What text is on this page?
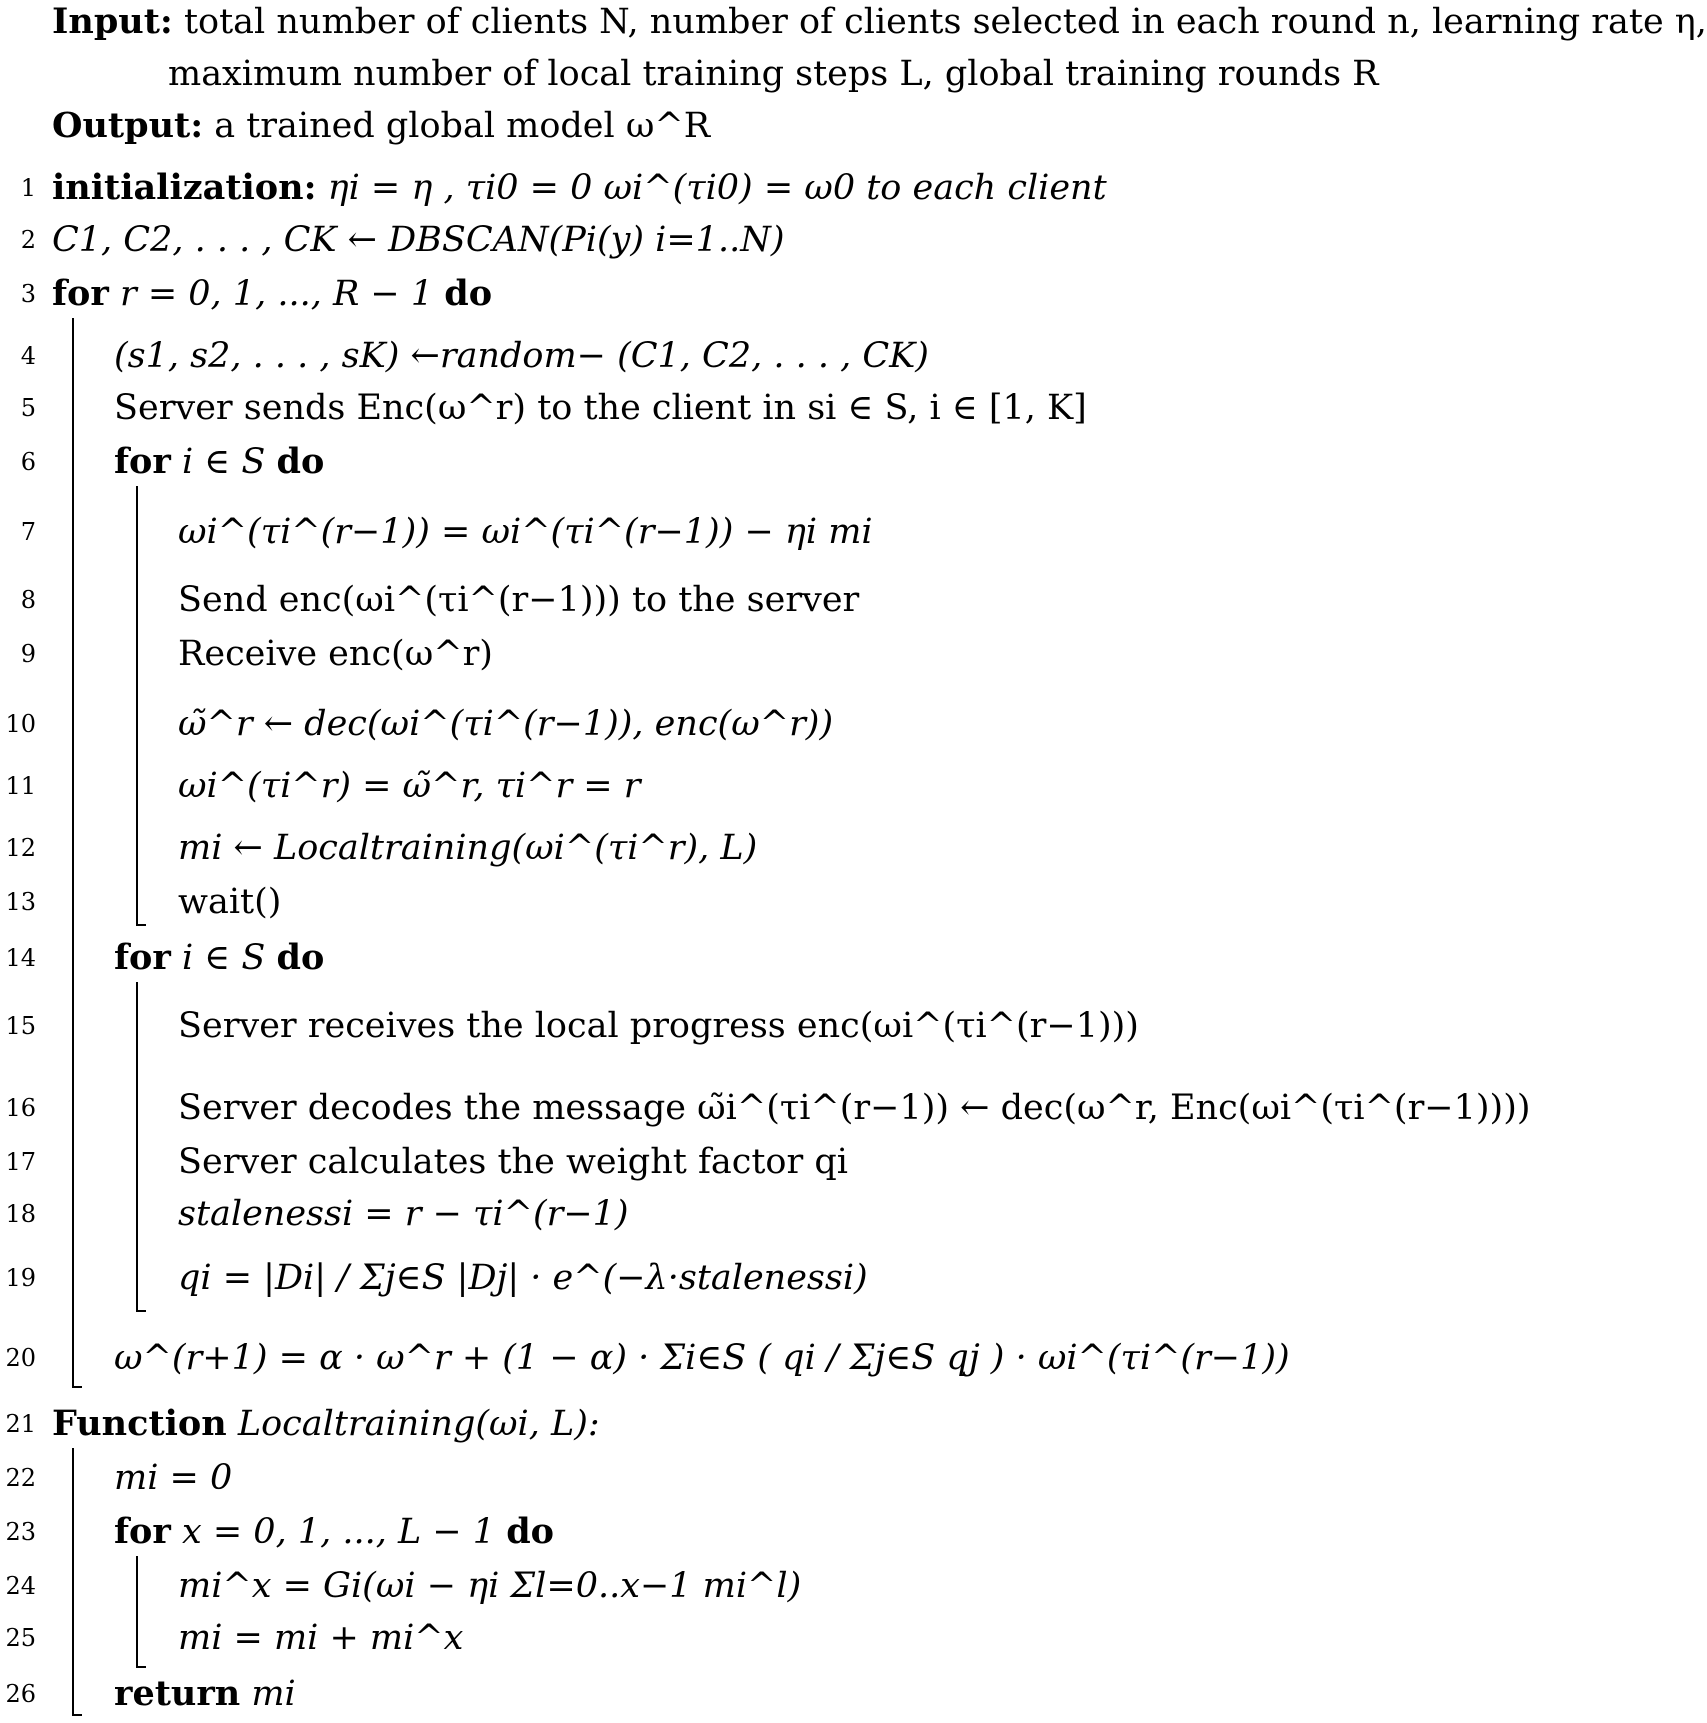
Input: total number of clients N, number of clients selected in each round n, learning rate η,
maximum number of local training steps L, global training rounds R
Output: a trained global model ω^R
1 initialization: ηi = η , τi0 = 0 ωi^(τi0) = ω0 to each client
2 C1, C2, . . . , CK ← DBSCAN(Pi(y) i=1..N)
3 for r = 0, 1, ..., R − 1 do
4 (s1, s2, . . . , sK) ←random− (C1, C2, . . . , CK)
5 Server sends Enc(ω^r) to the client in si ∈ S, i ∈ [1, K]
6 for i ∈ S do
7	ωi^(τi^(r−1)) = ωi^(τi^(r−1)) − ηi mi
8	Send enc(ωi^(τi^(r−1))) to the server
9	Receive enc(ω^r)
10	ω̃^r ← dec(ωi^(τi^(r−1)), enc(ω^r))
11	ωi^(τi^r) = ω̃^r, τi^r = r
12	mi ← Localtraining(ωi^(τi^r), L)
13	wait()
14 for i ∈ S do
15	Server receives the local progress enc(ωi^(τi^(r−1)))
16	Server decodes the message ω̃i^(τi^(r−1)) ← dec(ω^r, Enc(ωi^(τi^(r−1))))
17	Server calculates the weight factor qi
18	stalenessi = r − τi^(r−1)
19	qi = |Di| / Σj∈S |Dj| · e^(−λ·stalenessi)
20 ω^(r+1) = α · ω^r + (1 − α) · Σi∈S ( qi / Σj∈S qj ) · ωi^(τi^(r−1))
21 Function Localtraining(ωi, L):
22 mi = 0
23 for x = 0, 1, ..., L − 1 do
24	mi^x = Gi(ωi − ηi Σl=0..x−1 mi^l)
25	mi = mi + mi^x
26 return mi
